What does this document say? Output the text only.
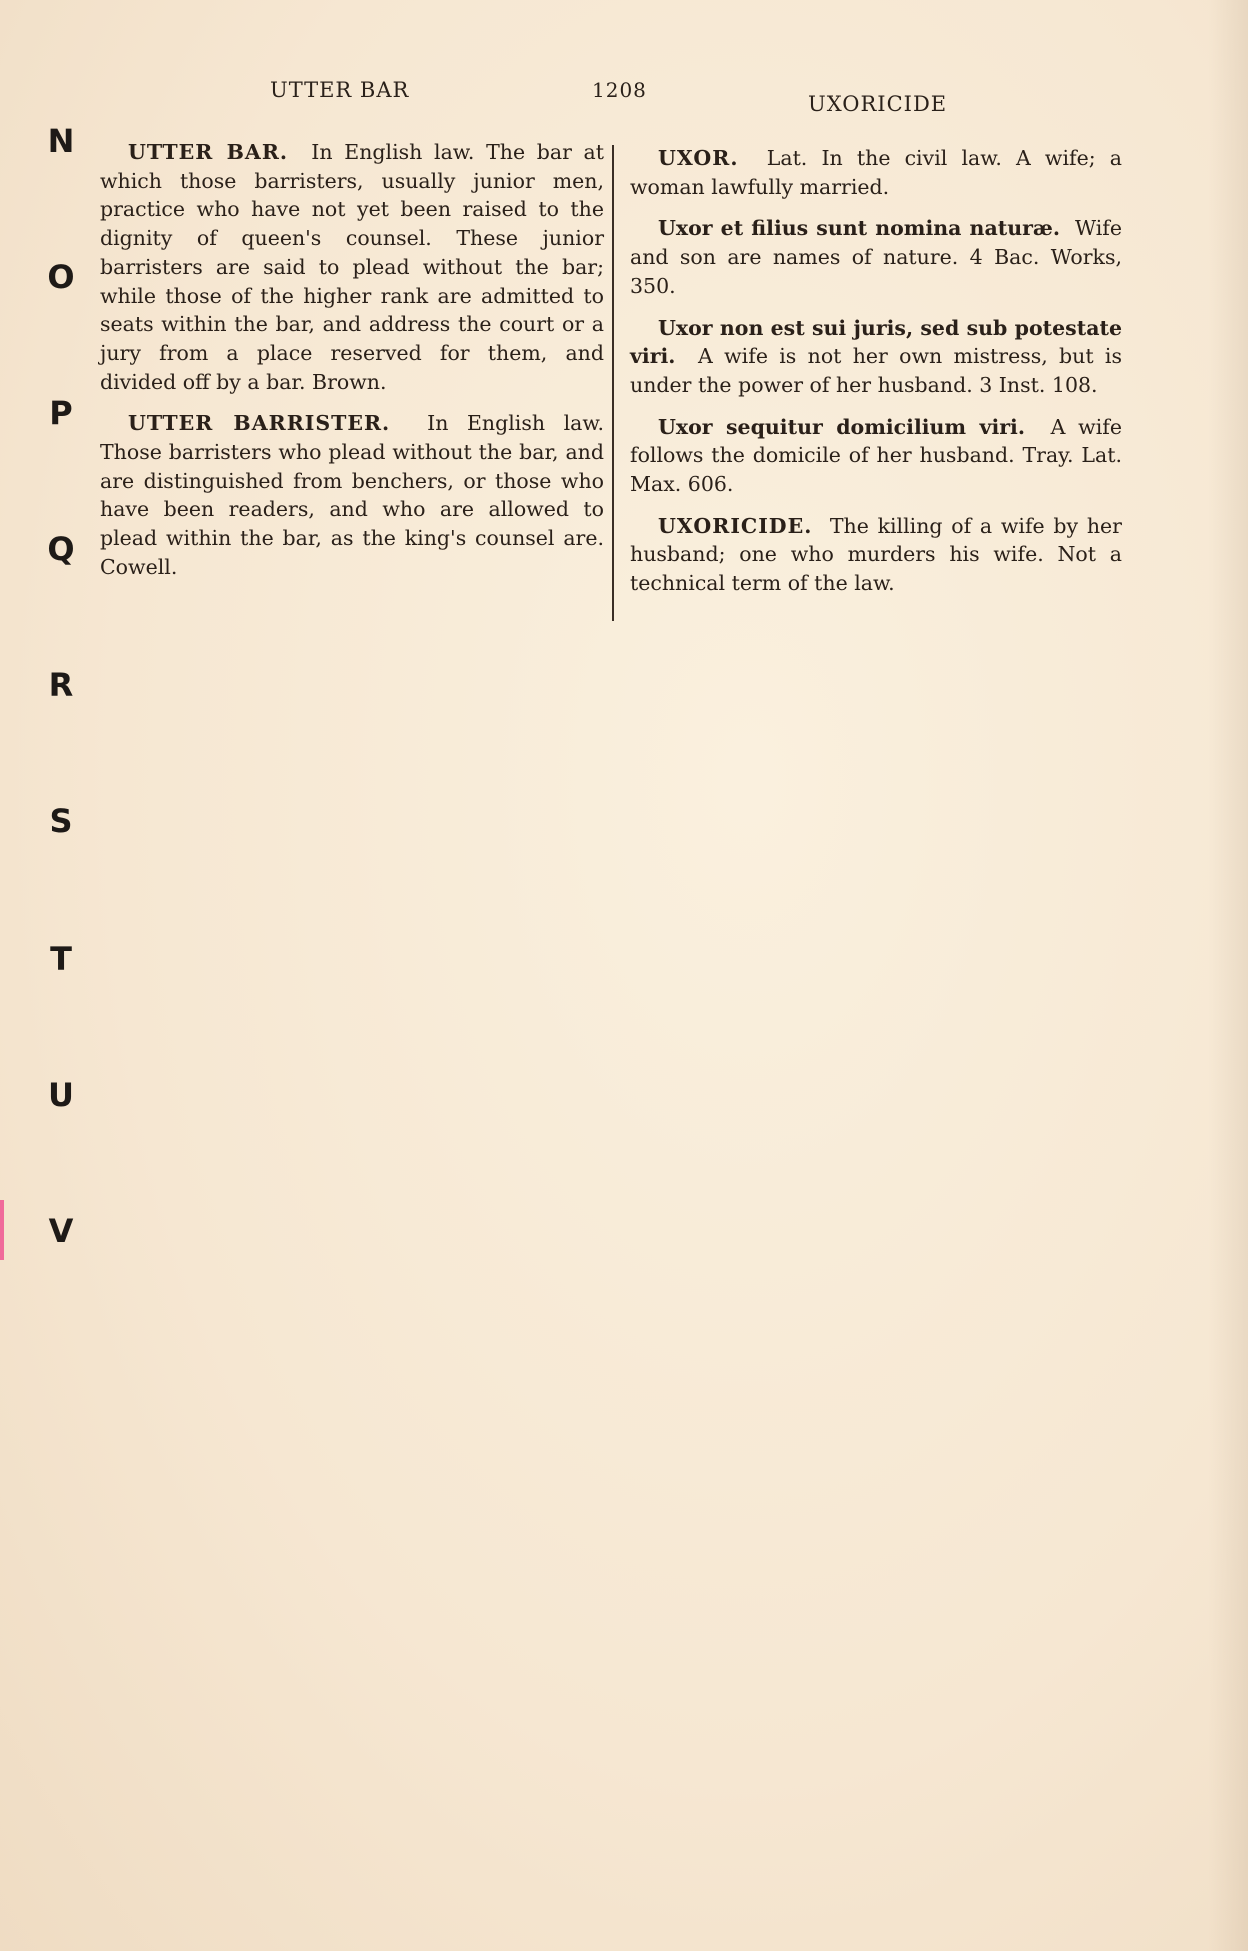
UTTER BAR	1208
UXORICIDE
N
O
P
Q
R
S
T
U
V

UTTER BAR. In English law. The bar at which those barristers, usually junior men, practice who have not yet been raised to the dignity of queen's counsel. These junior barristers are said to plead without the bar; while those of the higher rank are admitted to seats within the bar, and address the court or a jury from a place reserved for them, and divided off by a bar. Brown.

UTTER BARRISTER. In English law. Those barristers who plead without the bar, and are distinguished from benchers, or those who have been readers, and who are allowed to plead within the bar, as the king's counsel are. Cowell.

UXOR. Lat. In the civil law. A wife; a woman lawfully married.

Uxor et filius sunt nomina naturæ. Wife and son are names of nature. 4 Bac. Works, 350.

Uxor non est sui juris, sed sub potestate viri. A wife is not her own mistress, but is under the power of her husband. 3 Inst. 108.

Uxor sequitur domicilium viri. A wife follows the domicile of her husband. Tray. Lat. Max. 606.

UXORICIDE. The killing of a wife by her husband; one who murders his wife. Not a technical term of the law.
